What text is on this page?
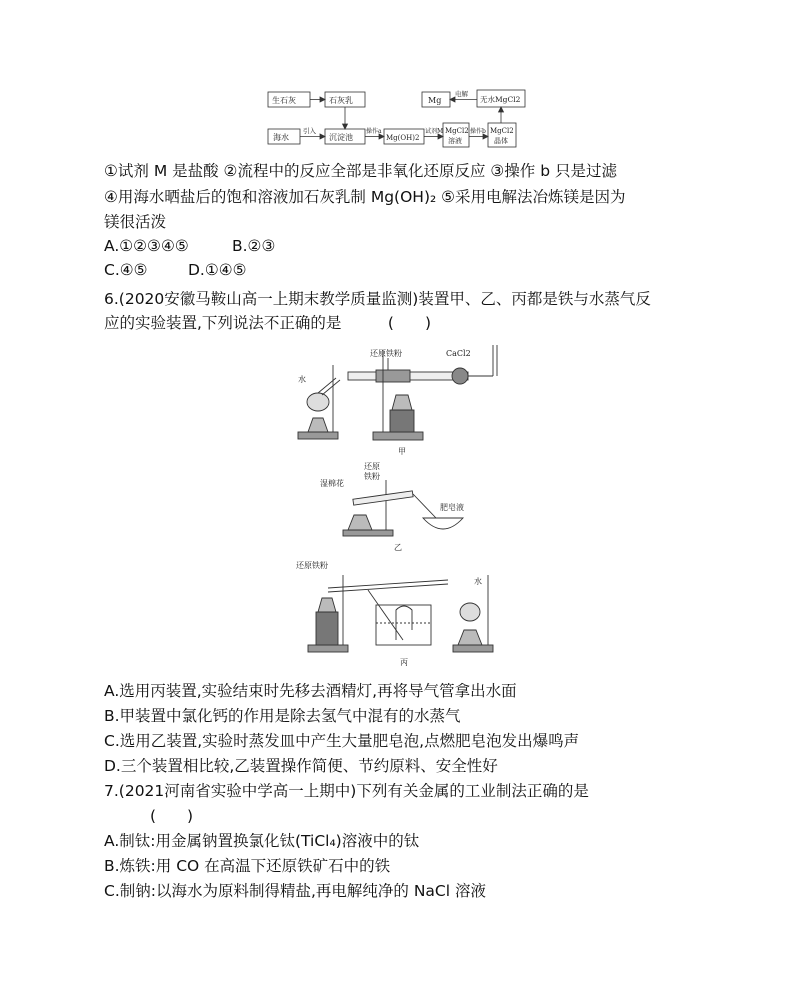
生石灰	石灰乳	Mg
电解
无水MgCl2
海水
引入
沉淀池
操作a
Mg(OH)2
试剂M MgCl2
溶液
操作b MgCl2
晶体
①试剂 M 是盐酸 ②流程中的反应全部是非氧化还原反应 ③操作 b 只是过滤
④用海水晒盐后的饱和溶液加石灰乳制 Mg(OH)₂ ⑤采用电解法冶炼镁是因为
镁很活泼
A.①②③④⑤	B.②③
C.④⑤	D.①④⑤
6.(2020安徽马鞍山高一上期末教学质量监测)装置甲、乙、丙都是铁与水蒸气反
应的实验装置,下列说法不正确的是　　　(　　)
水
还原铁粉	CaCl2
甲
湿棉花
还原
铁粉
肥皂液
乙
还原铁粉
水
丙
A.选用丙装置,实验结束时先移去酒精灯,再将导气管拿出水面
B.甲装置中氯化钙的作用是除去氢气中混有的水蒸气
C.选用乙装置,实验时蒸发皿中产生大量肥皂泡,点燃肥皂泡发出爆鸣声
D.三个装置相比较,乙装置操作简便、节约原料、安全性好
7.(2021河南省实验中学高一上期中)下列有关金属的工业制法正确的是
(　　)
A.制钛:用金属钠置换氯化钛(TiCl₄)溶液中的钛
B.炼铁:用 CO 在高温下还原铁矿石中的铁
C.制钠:以海水为原料制得精盐,再电解纯净的 NaCl 溶液
